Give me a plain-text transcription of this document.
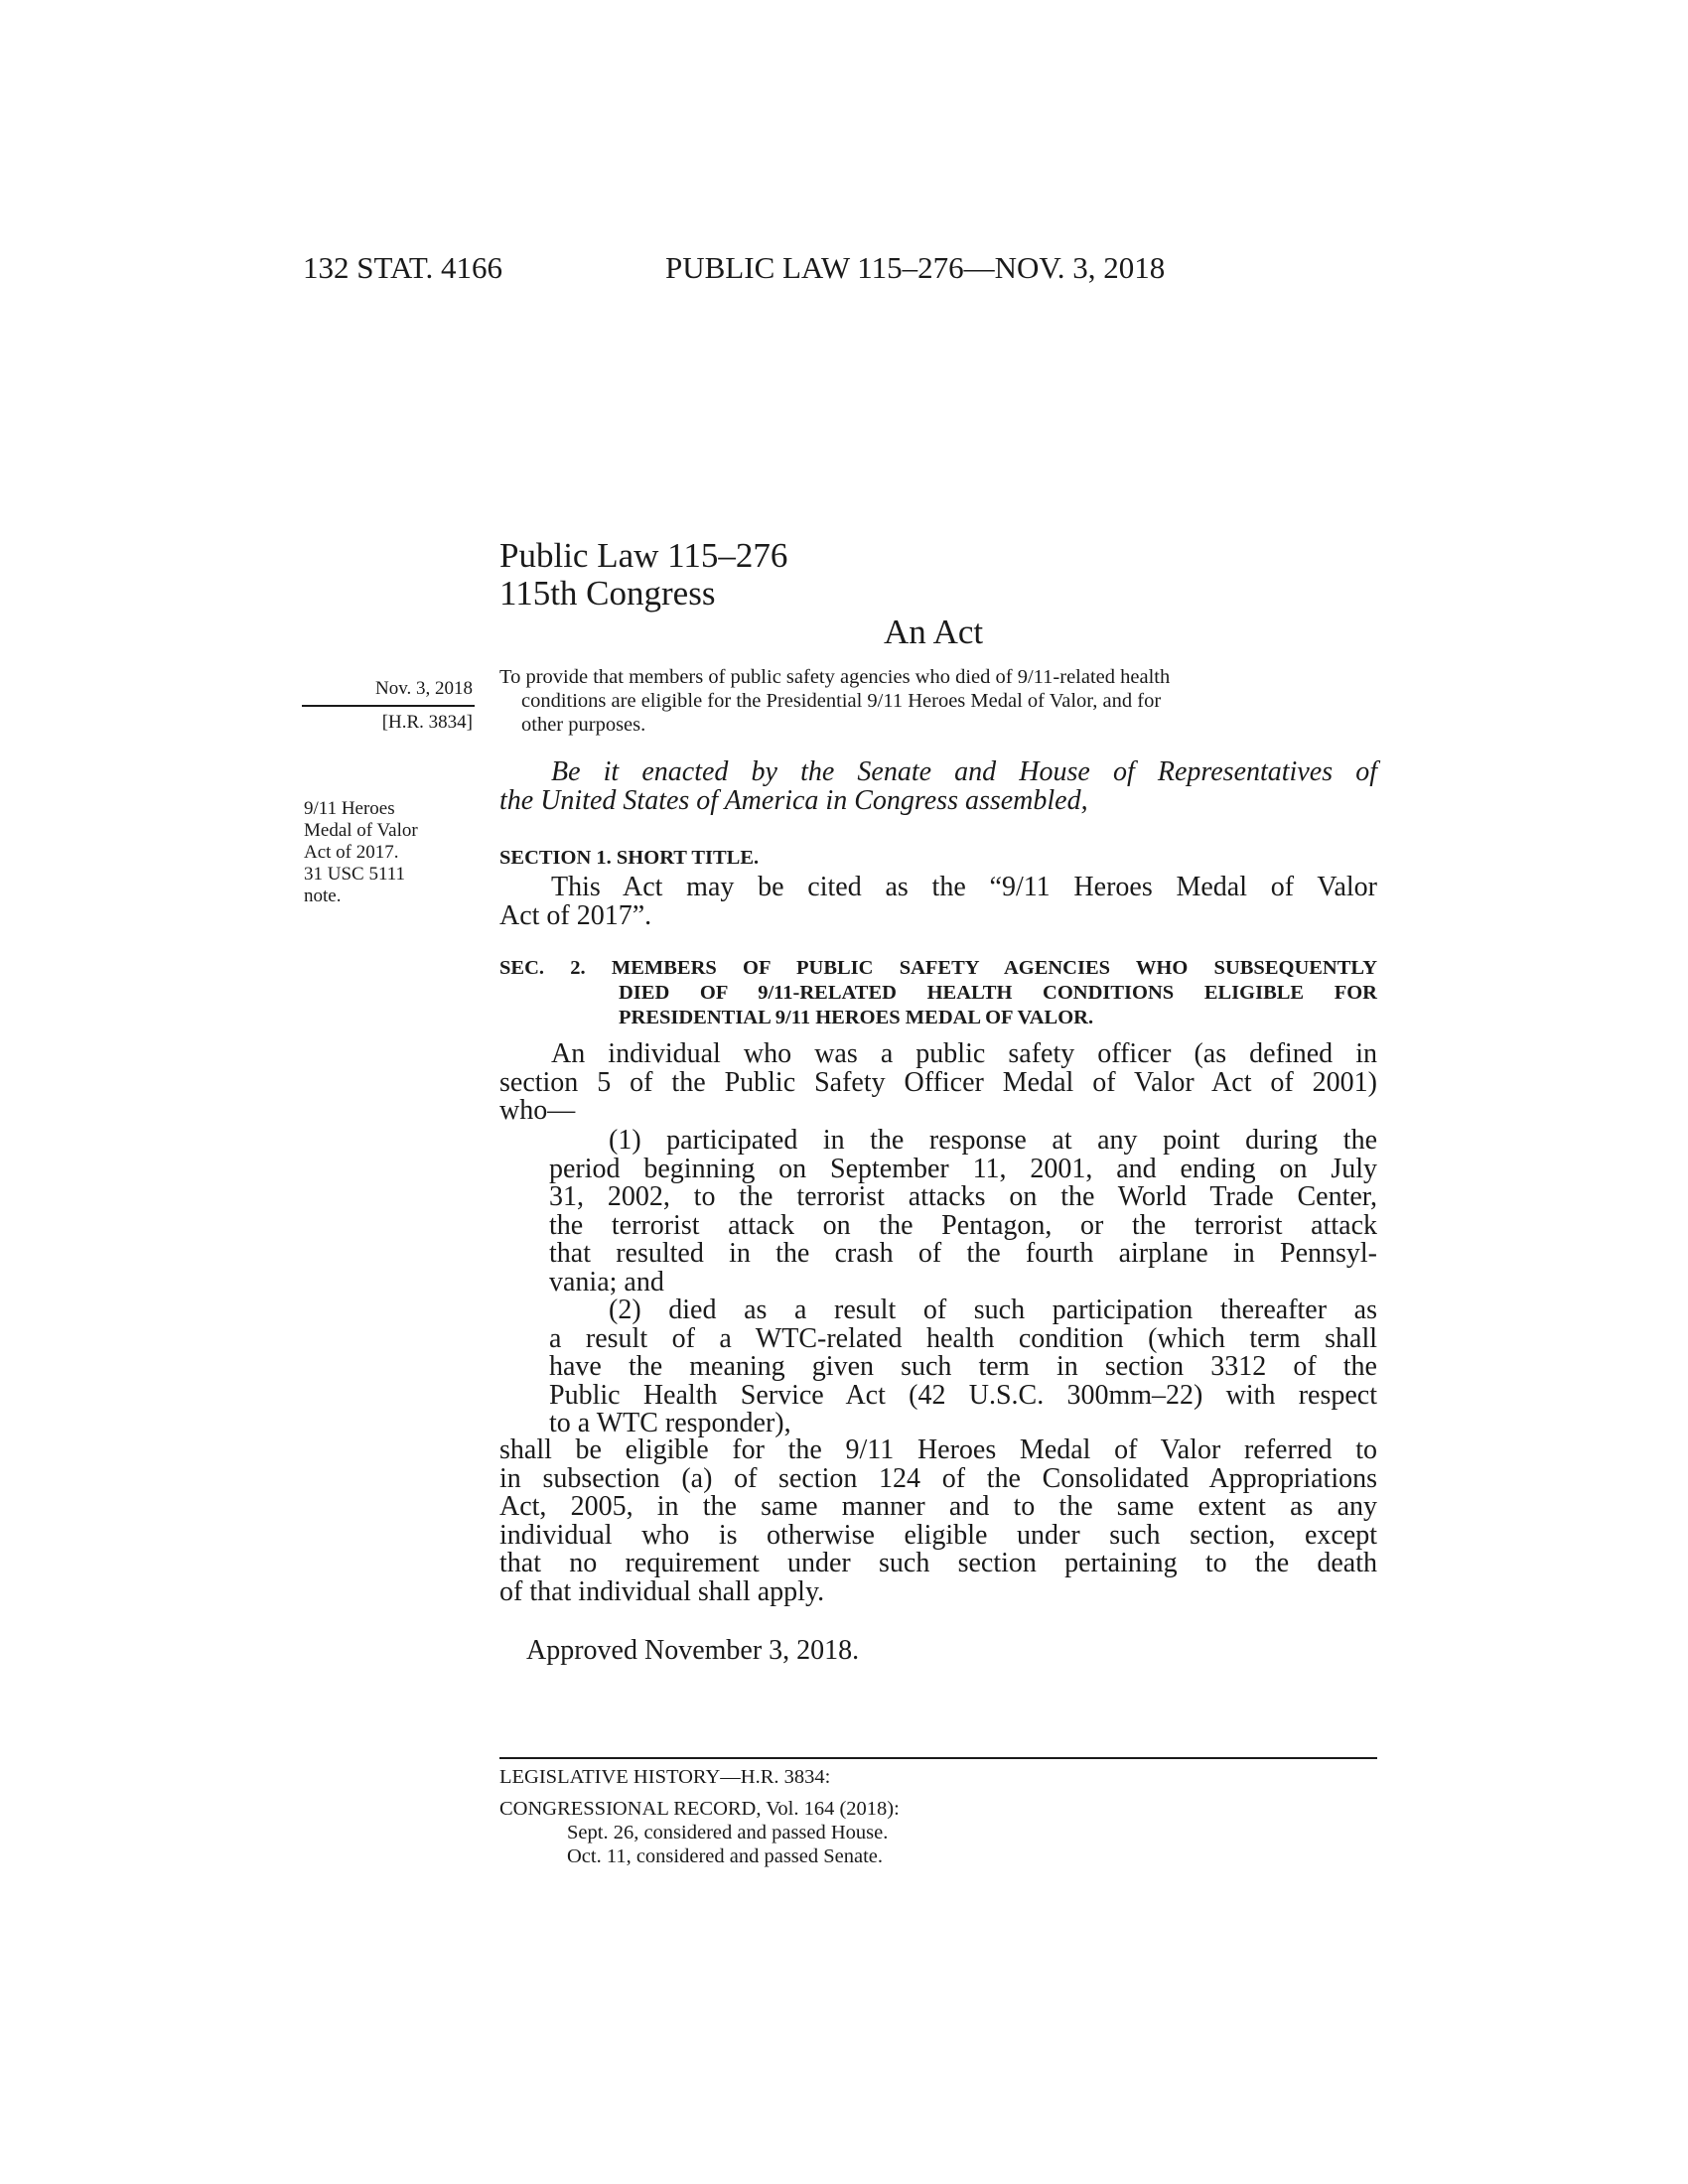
132 STAT. 4166	PUBLIC LAW 115–276—NOV. 3, 2018
Public Law 115–276
115th Congress
An Act
Nov. 3, 2018
[H.R. 3834]
9/11 Heroes
Medal of Valor
Act of 2017.
31 USC 5111
note.
To provide that members of public safety agencies who died of 9/11-related health
conditions are eligible for the Presidential 9/11 Heroes Medal of Valor, and for
other purposes.
Be it enacted by the Senate and House of Representatives of
the United States of America in Congress assembled,
SECTION 1. SHORT TITLE.
This Act may be cited as the “9/11 Heroes Medal of Valor
Act of 2017”.
SEC. 2. MEMBERS OF PUBLIC SAFETY AGENCIES WHO SUBSEQUENTLY
DIED OF 9/11-RELATED HEALTH CONDITIONS ELIGIBLE FOR
PRESIDENTIAL 9/11 HEROES MEDAL OF VALOR.
An individual who was a public safety officer (as defined in
section 5 of the Public Safety Officer Medal of Valor Act of 2001)
who—
(1) participated in the response at any point during the
period beginning on September 11, 2001, and ending on July
31, 2002, to the terrorist attacks on the World Trade Center,
the terrorist attack on the Pentagon, or the terrorist attack
that resulted in the crash of the fourth airplane in Pennsyl-
vania; and
(2) died as a result of such participation thereafter as
a result of a WTC-related health condition (which term shall
have the meaning given such term in section 3312 of the
Public Health Service Act (42 U.S.C. 300mm–22) with respect
to a WTC responder),
shall be eligible for the 9/11 Heroes Medal of Valor referred to
in subsection (a) of section 124 of the Consolidated Appropriations
Act, 2005, in the same manner and to the same extent as any
individual who is otherwise eligible under such section, except
that no requirement under such section pertaining to the death
of that individual shall apply.
Approved November 3, 2018.
LEGISLATIVE HISTORY—H.R. 3834:
CONGRESSIONAL RECORD, Vol. 164 (2018):
Sept. 26, considered and passed House.
Oct. 11, considered and passed Senate.
